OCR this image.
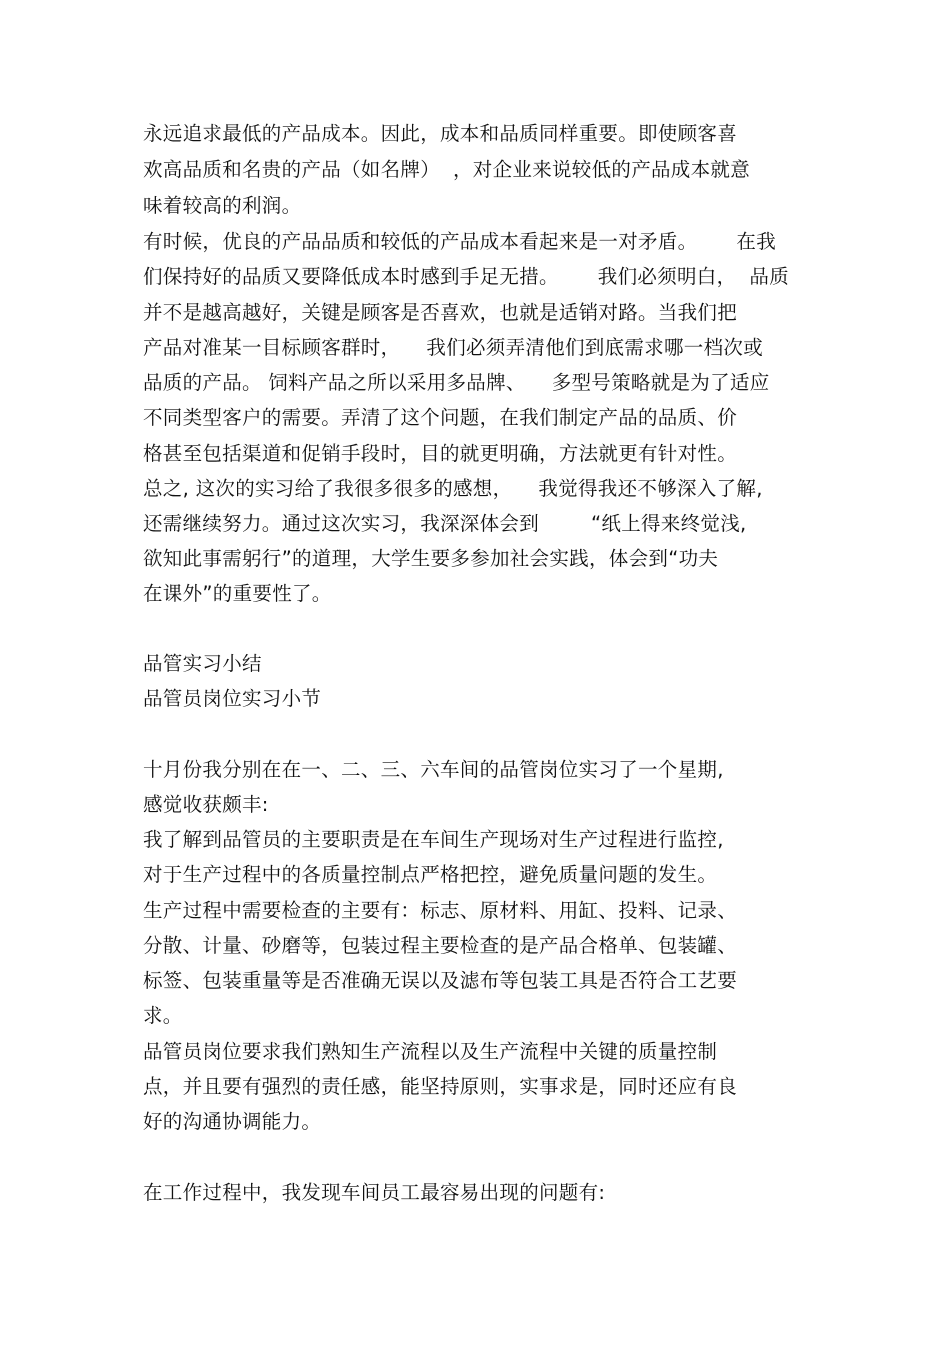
永远追求最低的产品成本。因此，成本和品质同样重要。即使顾客喜
欢高品质和名贵的产品（如名牌）  ，对企业来说较低的产品成本就意
味着较高的利润。
有时候，优良的产品品质和较低的产品成本看起来是一对矛盾。      在我
们保持好的品质又要降低成本时感到手足无措。      我们必须明白，  品质
并不是越高越好，关键是顾客是否喜欢，也就是适销对路。当我们把
产品对准某一目标顾客群时，    我们必须弄清他们到底需求哪一档次或
品质的产品。 饲料产品之所以采用多品牌、    多型号策略就是为了适应
不同类型客户的需要。弄清了这个问题，在我们制定产品的品质、价
格甚至包括渠道和促销手段时，目的就更明确，方法就更有针对性。
总之, 这次的实习给了我很多很多的感想，    我觉得我还不够深入了解,
还需继续努力。通过这次实习，我深深体会到        “纸上得来终觉浅,
欲知此事需躬行”的道理，大学生要多参加社会实践，体会到“功夫
在课外”的重要性了。
品管实习小结
品管员岗位实习小节
十月份我分别在在一、二、三、六车间的品管岗位实习了一个星期,
感觉收获颇丰:
我了解到品管员的主要职责是在车间生产现场对生产过程进行监控,
对于生产过程中的各质量控制点严格把控，避免质量问题的发生。
生产过程中需要检查的主要有：标志、原材料、用缸、投料、记录、
分散、计量、砂磨等，包装过程主要检查的是产品合格单、包装罐、
标签、包装重量等是否准确无误以及滤布等包装工具是否符合工艺要
求。
品管员岗位要求我们熟知生产流程以及生产流程中关键的质量控制
点，并且要有强烈的责任感，能坚持原则，实事求是，同时还应有良
好的沟通协调能力。
在工作过程中，我发现车间员工最容易出现的问题有:
